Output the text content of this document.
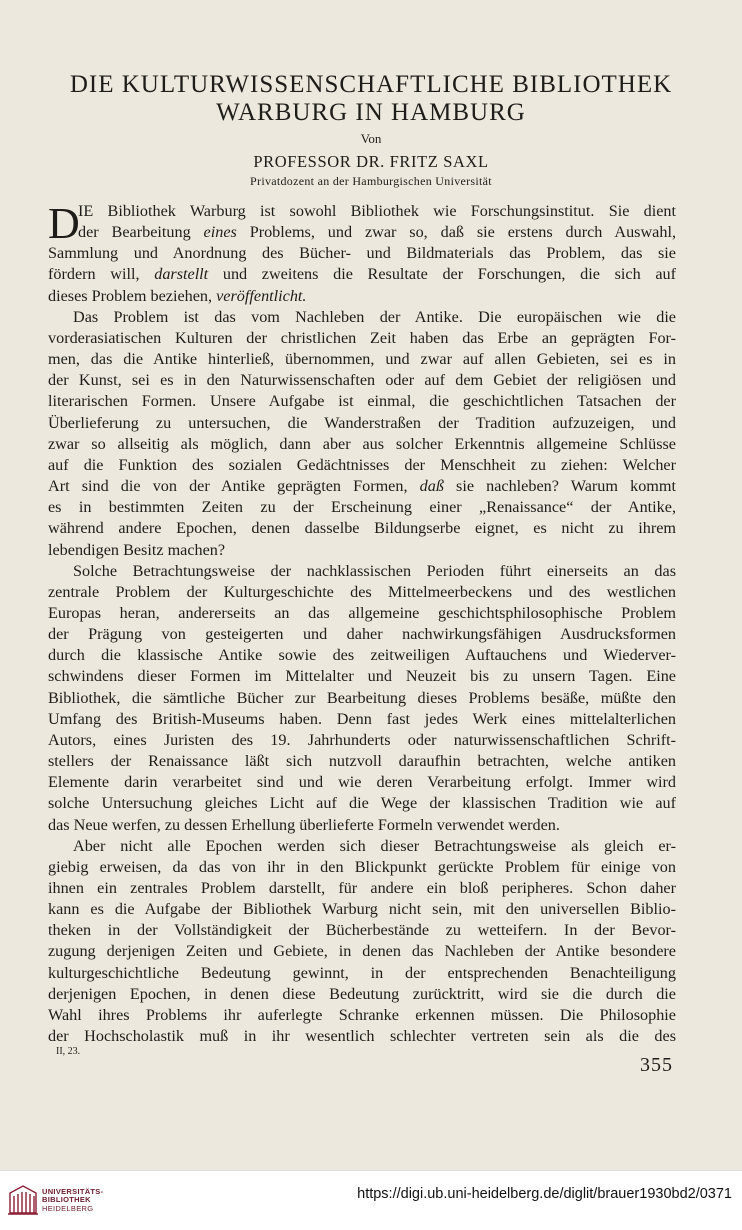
DIE KULTURWISSENSCHAFTLICHE BIBLIOTHEK
WARBURG IN HAMBURG
Von
PROFESSOR DR. FRITZ SAXL
Privatdozent an der Hamburgischen Universität
D
IE Bibliothek Warburg ist sowohl Bibliothek wie Forschungsinstitut. Sie dient
der Bearbeitung eines Problems, und zwar so, daß sie erstens durch Auswahl,
Sammlung und Anordnung des Bücher- und Bildmaterials das Problem, das sie
fördern will, darstellt und zweitens die Resultate der Forschungen, die sich auf
dieses Problem beziehen, veröffentlicht.
Das Problem ist das vom Nachleben der Antike. Die europäischen wie die
vorderasiatischen Kulturen der christlichen Zeit haben das Erbe an geprägten For-
men, das die Antike hinterließ, übernommen, und zwar auf allen Gebieten, sei es in
der Kunst, sei es in den Naturwissenschaften oder auf dem Gebiet der religiösen und
literarischen Formen. Unsere Aufgabe ist einmal, die geschichtlichen Tatsachen der
Überlieferung zu untersuchen, die Wanderstraßen der Tradition aufzuzeigen, und
zwar so allseitig als möglich, dann aber aus solcher Erkenntnis allgemeine Schlüsse
auf die Funktion des sozialen Gedächtnisses der Menschheit zu ziehen: Welcher
Art sind die von der Antike geprägten Formen, daß sie nachleben? Warum kommt
es in bestimmten Zeiten zu der Erscheinung einer „Renaissance“ der Antike,
während andere Epochen, denen dasselbe Bildungserbe eignet, es nicht zu ihrem
lebendigen Besitz machen?
Solche Betrachtungsweise der nachklassischen Perioden führt einerseits an das
zentrale Problem der Kulturgeschichte des Mittelmeerbeckens und des westlichen
Europas heran, andererseits an das allgemeine geschichtsphilosophische Problem
der Prägung von gesteigerten und daher nachwirkungsfähigen Ausdrucksformen
durch die klassische Antike sowie des zeitweiligen Auftauchens und Wiederver-
schwindens dieser Formen im Mittelalter und Neuzeit bis zu unsern Tagen. Eine
Bibliothek, die sämtliche Bücher zur Bearbeitung dieses Problems besäße, müßte den
Umfang des British-Museums haben. Denn fast jedes Werk eines mittelalterlichen
Autors, eines Juristen des 19. Jahrhunderts oder naturwissenschaftlichen Schrift-
stellers der Renaissance läßt sich nutzvoll daraufhin betrachten, welche antiken
Elemente darin verarbeitet sind und wie deren Verarbeitung erfolgt. Immer wird
solche Untersuchung gleiches Licht auf die Wege der klassischen Tradition wie auf
das Neue werfen, zu dessen Erhellung überlieferte Formeln verwendet werden.
Aber nicht alle Epochen werden sich dieser Betrachtungsweise als gleich er-
giebig erweisen, da das von ihr in den Blickpunkt gerückte Problem für einige von
ihnen ein zentrales Problem darstellt, für andere ein bloß peripheres. Schon daher
kann es die Aufgabe der Bibliothek Warburg nicht sein, mit den universellen Biblio-
theken in der Vollständigkeit der Bücherbestände zu wetteifern. In der Bevor-
zugung derjenigen Zeiten und Gebiete, in denen das Nachleben der Antike besondere
kulturgeschichtliche Bedeutung gewinnt, in der entsprechenden Benachteiligung
derjenigen Epochen, in denen diese Bedeutung zurücktritt, wird sie die durch die
Wahl ihres Problems ihr auferlegte Schranke erkennen müssen. Die Philosophie
der Hochscholastik muß in ihr wesentlich schlechter vertreten sein als die des
II, 23.
355
UNIVERSITÄTS-
BIBLIOTHEK
HEIDELBERG
https://digi.ub.uni-heidelberg.de/diglit/brauer1930bd2/0371
